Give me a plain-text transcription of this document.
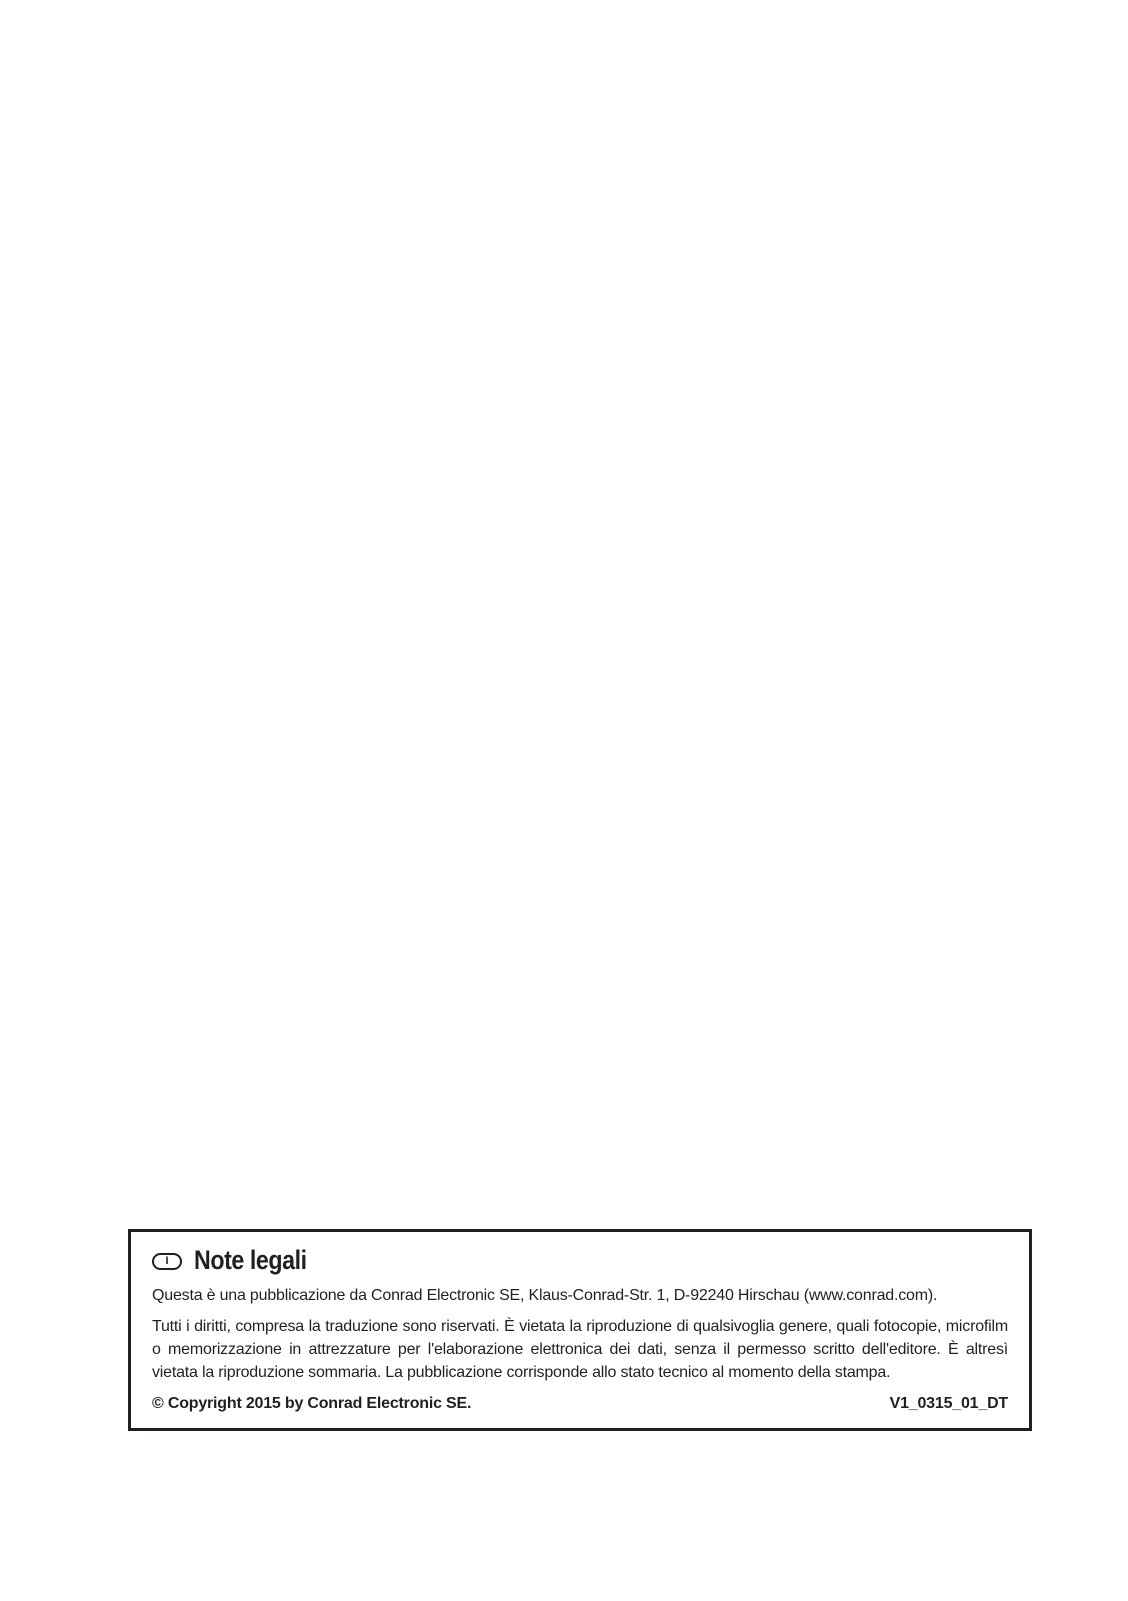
I Note legali

Questa è una pubblicazione da Conrad Electronic SE, Klaus-Conrad-Str. 1, D-92240 Hirschau (www.conrad.com).

Tutti i diritti, compresa la traduzione sono riservati. È vietata la riproduzione di qualsivoglia genere, quali fotocopie, microfilm o memorizzazione in attrezzature per l'elaborazione elettronica dei dati, senza il permesso scritto dell'editore. È altresì vietata la riproduzione sommaria. La pubblicazione corrisponde allo stato tecnico al momento della stampa.

© Copyright 2015 by Conrad Electronic SE.	V1_0315_01_DT
